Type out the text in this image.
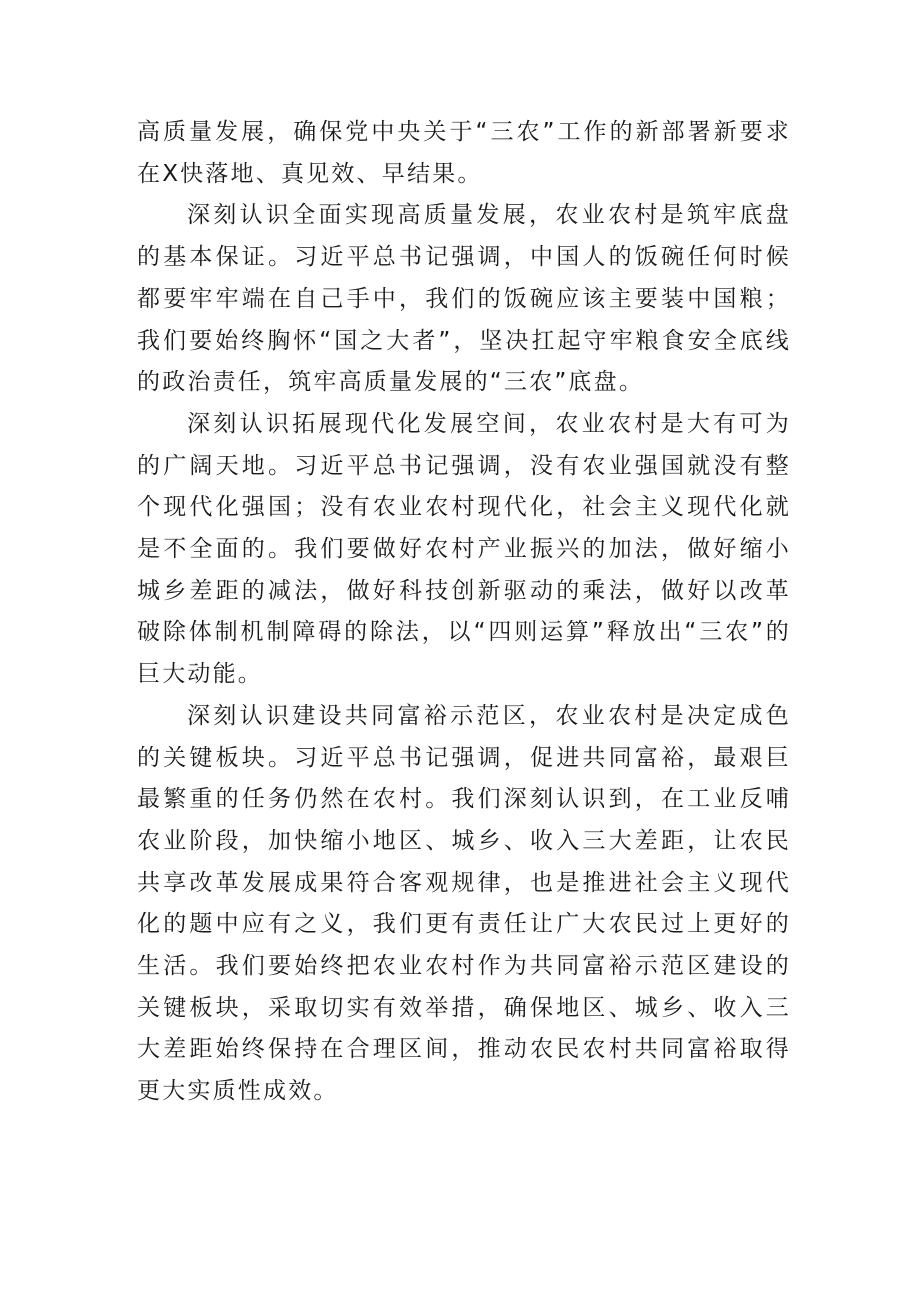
高质量发展，确保党中央关于“三农”工作的新部署新要求在X快落地、真见效、早结果。

深刻认识全面实现高质量发展，农业农村是筑牢底盘的基本保证。习近平总书记强调，中国人的饭碗任何时候都要牢牢端在自己手中，我们的饭碗应该主要装中国粮；我们要始终胸怀“国之大者”，坚决扛起守牢粮食安全底线的政治责任，筑牢高质量发展的“三农”底盘。

深刻认识拓展现代化发展空间，农业农村是大有可为的广阔天地。习近平总书记强调，没有农业强国就没有整个现代化强国；没有农业农村现代化，社会主义现代化就是不全面的。我们要做好农村产业振兴的加法，做好缩小城乡差距的减法，做好科技创新驱动的乘法，做好以改革破除体制机制障碍的除法，以“四则运算”释放出“三农”的巨大动能。

深刻认识建设共同富裕示范区，农业农村是决定成色的关键板块。习近平总书记强调，促进共同富裕，最艰巨最繁重的任务仍然在农村。我们深刻认识到，在工业反哺农业阶段，加快缩小地区、城乡、收入三大差距，让农民共享改革发展成果符合客观规律，也是推进社会主义现代化的题中应有之义，我们更有责任让广大农民过上更好的生活。我们要始终把农业农村作为共同富裕示范区建设的关键板块，采取切实有效举措，确保地区、城乡、收入三大差距始终保持在合理区间，推动农民农村共同富裕取得更大实质性成效。
